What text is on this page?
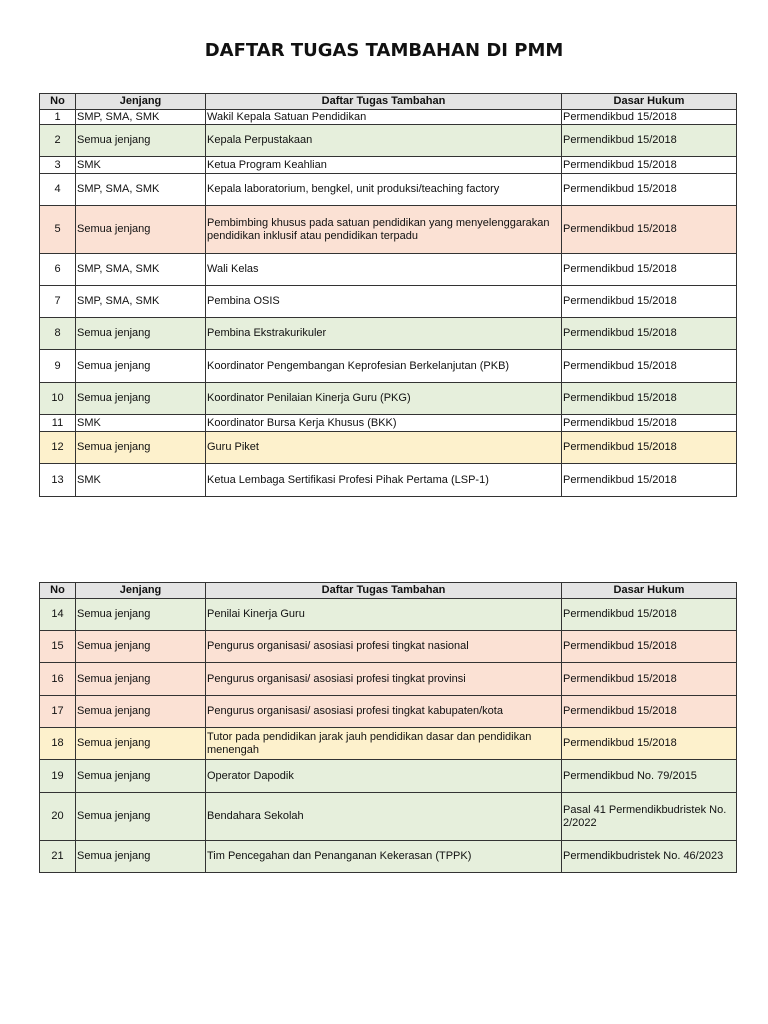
DAFTAR TUGAS TAMBAHAN DI PMM
No	Jenjang	Daftar Tugas Tambahan	Dasar Hukum
1	SMP, SMA, SMK	Wakil Kepala Satuan Pendidikan	Permendikbud 15/2018
2	Semua jenjang	Kepala Perpustakaan	Permendikbud 15/2018
3	SMK	Ketua Program Keahlian	Permendikbud 15/2018
4	SMP, SMA, SMK	Kepala laboratorium, bengkel, unit produksi/teaching factory	Permendikbud 15/2018
5	Semua jenjang	Pembimbing khusus pada satuan pendidikan yang menyelenggarakan pendidikan inklusif atau pendidikan terpadu	Permendikbud 15/2018
6	SMP, SMA, SMK	Wali Kelas	Permendikbud 15/2018
7	SMP, SMA, SMK	Pembina OSIS	Permendikbud 15/2018
8	Semua jenjang	Pembina Ekstrakurikuler	Permendikbud 15/2018
9	Semua jenjang	Koordinator Pengembangan Keprofesian Berkelanjutan (PKB)	Permendikbud 15/2018
10	Semua jenjang	Koordinator Penilaian Kinerja Guru (PKG)	Permendikbud 15/2018
11	SMK	Koordinator Bursa Kerja Khusus (BKK)	Permendikbud 15/2018
12	Semua jenjang	Guru Piket	Permendikbud 15/2018
13	SMK	Ketua Lembaga Sertifikasi Profesi Pihak Pertama (LSP-1)	Permendikbud 15/2018
No	Jenjang	Daftar Tugas Tambahan	Dasar Hukum
14	Semua jenjang	Penilai Kinerja Guru	Permendikbud 15/2018
15	Semua jenjang	Pengurus organisasi/ asosiasi profesi tingkat nasional	Permendikbud 15/2018
16	Semua jenjang	Pengurus organisasi/ asosiasi profesi tingkat provinsi	Permendikbud 15/2018
17	Semua jenjang	Pengurus organisasi/ asosiasi profesi tingkat kabupaten/kota	Permendikbud 15/2018
18	Semua jenjang	Tutor pada pendidikan jarak jauh pendidikan dasar dan pendidikan menengah	Permendikbud 15/2018
19	Semua jenjang	Operator Dapodik	Permendikbud No. 79/2015
20	Semua jenjang	Bendahara Sekolah	Pasal 41 Permendikbudristek No. 2/2022
21	Semua jenjang	Tim Pencegahan dan Penanganan Kekerasan (TPPK)	Permendikbudristek No. 46/2023
